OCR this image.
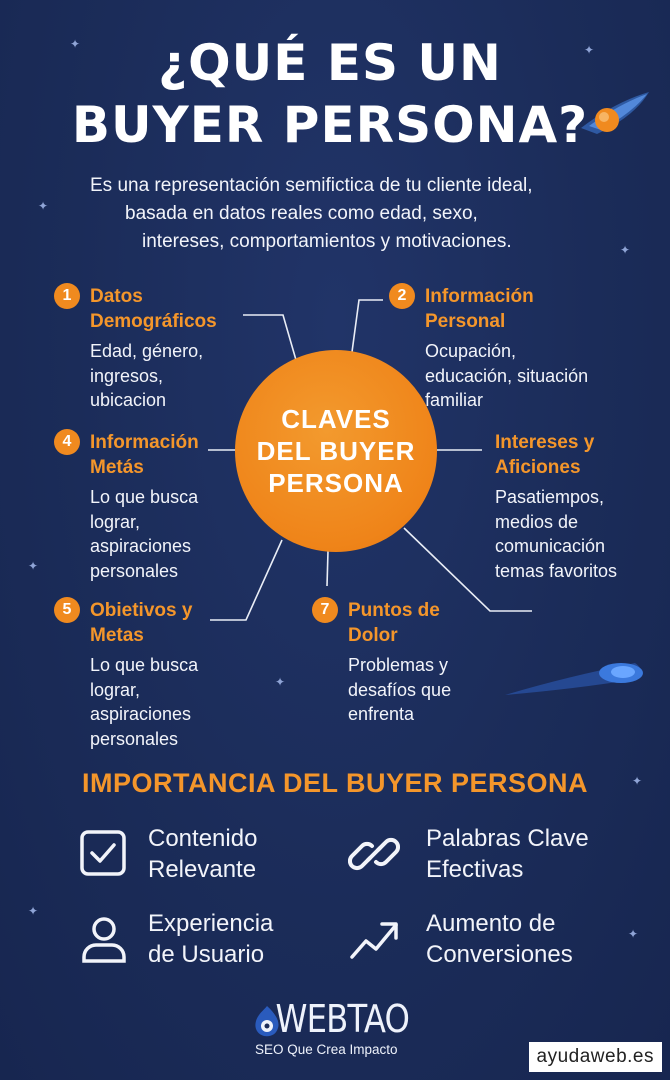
✦	✦
✦
✦
✦
✦
✦
✦
✦
¿QUÉ ES UN
BUYER PERSONA?
Es una representación semifictica de tu cliente ideal,
basada en datos reales como edad, sexo,
intereses, comportamientos y motivaciones.
CLAVES
DEL BUYER
PERSONA
1 Datos
Demográficos
Edad, género,
ingresos,
ubicacion
2 Información
Personal
Ocupación,
educación, situación
familiar
4 Información
Metás
Lo que busca
lograr,
aspiraciones
personales
Intereses y
Aficiones
Pasatiempos,
medios de
comunicación
temas favoritos
5 Obietivos y
Metas
Lo que busca
lograr,
aspiraciones
personales
7 Puntos de
Dolor
Problemas y
desafíos que
enfrenta
IMPORTANCIA DEL BUYER PERSONA
Contenido
Relevante
Palabras Clave
Efectivas
Experiencia
de Usuario
Aumento de
Conversiones
WEBTAO
SEO Que Crea Impacto	ayudaweb.es
